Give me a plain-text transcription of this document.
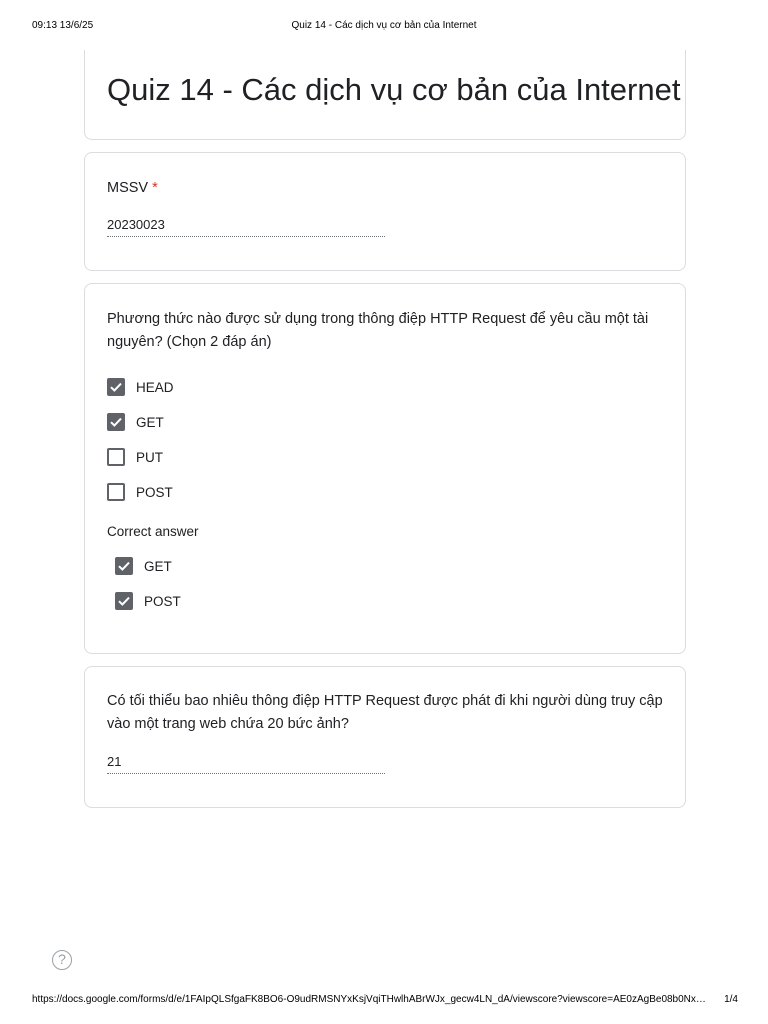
09:13 13/6/25	Quiz 14 - Các dịch vụ cơ bản của Internet
Quiz 14 - Các dịch vụ cơ bản của Internet
MSSV *
20230023
Phương thức nào được sử dụng trong thông điệp HTTP Request để yêu cầu một tài nguyên? (Chọn 2 đáp án)
HEAD
GET
PUT
POST
Correct answer
GET
POST
Có tối thiểu bao nhiêu thông điệp HTTP Request được phát đi khi người dùng truy cập vào một trang web chứa 20 bức ảnh?
21
?
https://docs.google.com/forms/d/e/1FAIpQLSfgaFK8BO6-O9udRMSNYxKsjVqiTHwlhABrWJx_gecw4LN_dA/viewscore?viewscore=AE0zAgBe08b0Nx…	1/4
